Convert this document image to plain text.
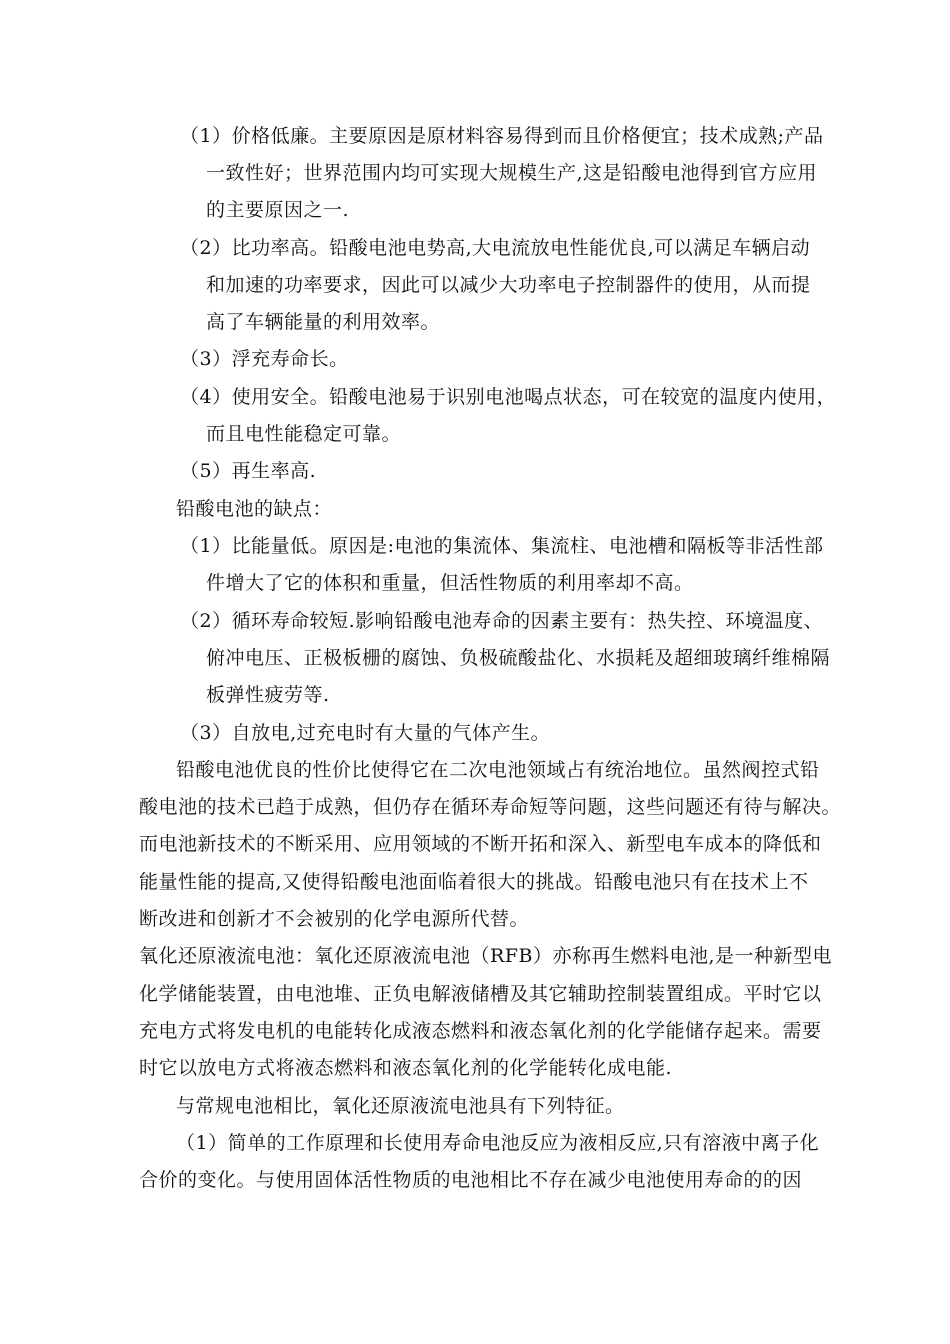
（1）价格低廉。主要原因是原材料容易得到而且价格便宜；技术成熟;产品
一致性好；世界范围内均可实现大规模生产,这是铅酸电池得到官方应用
的主要原因之一.
（2）比功率高。铅酸电池电势高,大电流放电性能优良,可以满足车辆启动
和加速的功率要求，因此可以减少大功率电子控制器件的使用，从而提
高了车辆能量的利用效率。
（3）浮充寿命长。
（4）使用安全。铅酸电池易于识别电池喝点状态，可在较宽的温度内使用，
而且电性能稳定可靠。
（5）再生率高.
铅酸电池的缺点：
（1）比能量低。原因是:电池的集流体、集流柱、电池槽和隔板等非活性部
件增大了它的体积和重量，但活性物质的利用率却不高。
（2）循环寿命较短.影响铅酸电池寿命的因素主要有：热失控、环境温度、
俯冲电压、正极板栅的腐蚀、负极硫酸盐化、水损耗及超细玻璃纤维棉隔
板弹性疲劳等.
（3）自放电,过充电时有大量的气体产生。
铅酸电池优良的性价比使得它在二次电池领域占有统治地位。虽然阀控式铅
酸电池的技术已趋于成熟，但仍存在循环寿命短等问题，这些问题还有待与解决。
而电池新技术的不断采用、应用领域的不断开拓和深入、新型电车成本的降低和
能量性能的提高,又使得铅酸电池面临着很大的挑战。铅酸电池只有在技术上不
断改进和创新才不会被别的化学电源所代替。
氧化还原液流电池：氧化还原液流电池（RFB）亦称再生燃料电池,是一种新型电
化学储能装置，由电池堆、正负电解液储槽及其它辅助控制装置组成。平时它以
充电方式将发电机的电能转化成液态燃料和液态氧化剂的化学能储存起来。需要
时它以放电方式将液态燃料和液态氧化剂的化学能转化成电能.
与常规电池相比，氧化还原液流电池具有下列特征。
（1）简单的工作原理和长使用寿命电池反应为液相反应,只有溶液中离子化
合价的变化。与使用固体活性物质的电池相比不存在减少电池使用寿命的的因
